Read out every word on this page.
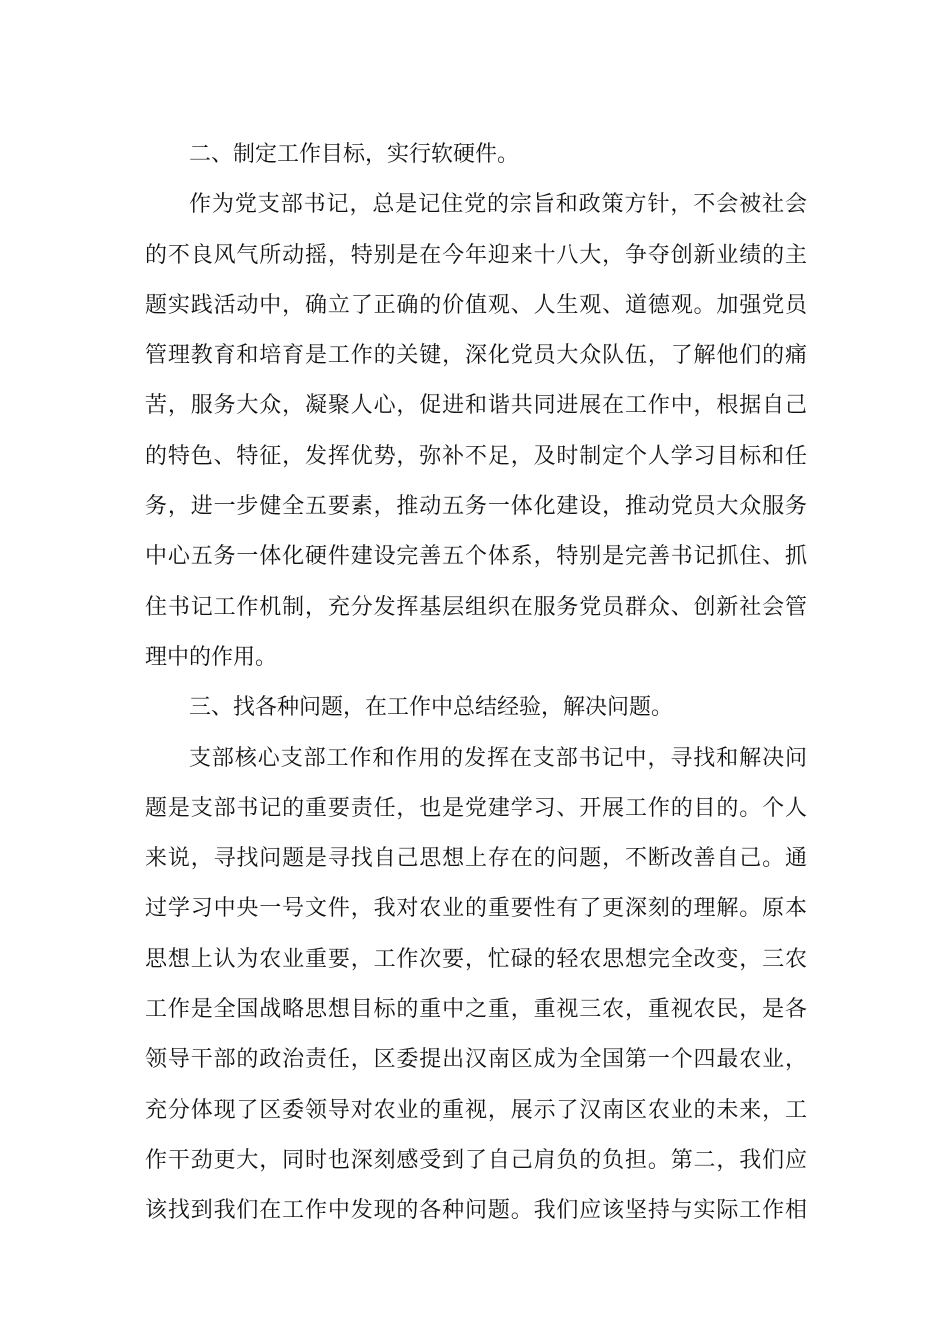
二、制定工作目标，实行软硬件。
作为党支部书记，总是记住党的宗旨和政策方针，不会被社会
的不良风气所动摇，特别是在今年迎来十八大，争夺创新业绩的主
题实践活动中，确立了正确的价值观、人生观、道德观。加强党员
管理教育和培育是工作的关键，深化党员大众队伍，了解他们的痛
苦，服务大众，凝聚人心，促进和谐共同进展在工作中，根据自己
的特色、特征，发挥优势，弥补不足，及时制定个人学习目标和任
务，进一步健全五要素，推动五务一体化建设，推动党员大众服务
中心五务一体化硬件建设完善五个体系，特别是完善书记抓住、抓
住书记工作机制，充分发挥基层组织在服务党员群众、创新社会管
理中的作用。
三、找各种问题，在工作中总结经验，解决问题。
支部核心支部工作和作用的发挥在支部书记中，寻找和解决问
题是支部书记的重要责任，也是党建学习、开展工作的目的。个人
来说，寻找问题是寻找自己思想上存在的问题，不断改善自己。通
过学习中央一号文件，我对农业的重要性有了更深刻的理解。原本
思想上认为农业重要，工作次要，忙碌的轻农思想完全改变，三农
工作是全国战略思想目标的重中之重，重视三农，重视农民，是各
领导干部的政治责任，区委提出汉南区成为全国第一个四最农业，
充分体现了区委领导对农业的重视，展示了汉南区农业的未来，工
作干劲更大，同时也深刻感受到了自己肩负的负担。第二，我们应
该找到我们在工作中发现的各种问题。我们应该坚持与实际工作相
